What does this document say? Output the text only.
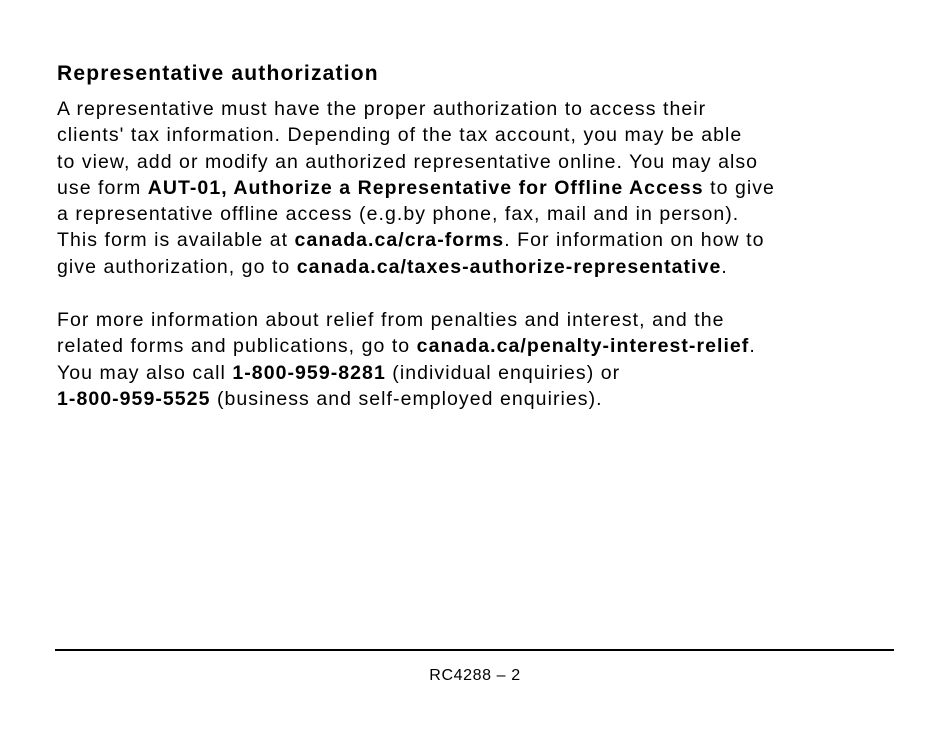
Representative authorization
A representative must have the proper authorization to access their
clients' tax information. Depending of the tax account, you may be able
to view, add or modify an authorized representative online. You may also
use form AUT-01, Authorize a Representative for Offline Access to give
a representative offline access (e.g.by phone, fax, mail and in person).
This form is available at canada.ca/cra-forms. For information on how to
give authorization, go to canada.ca/taxes-authorize-representative.
For more information about relief from penalties and interest, and the
related forms and publications, go to canada.ca/penalty-interest-relief.
You may also call 1-800-959-8281 (individual enquiries) or
1-800-959-5525 (business and self-employed enquiries).
RC4288 – 2
